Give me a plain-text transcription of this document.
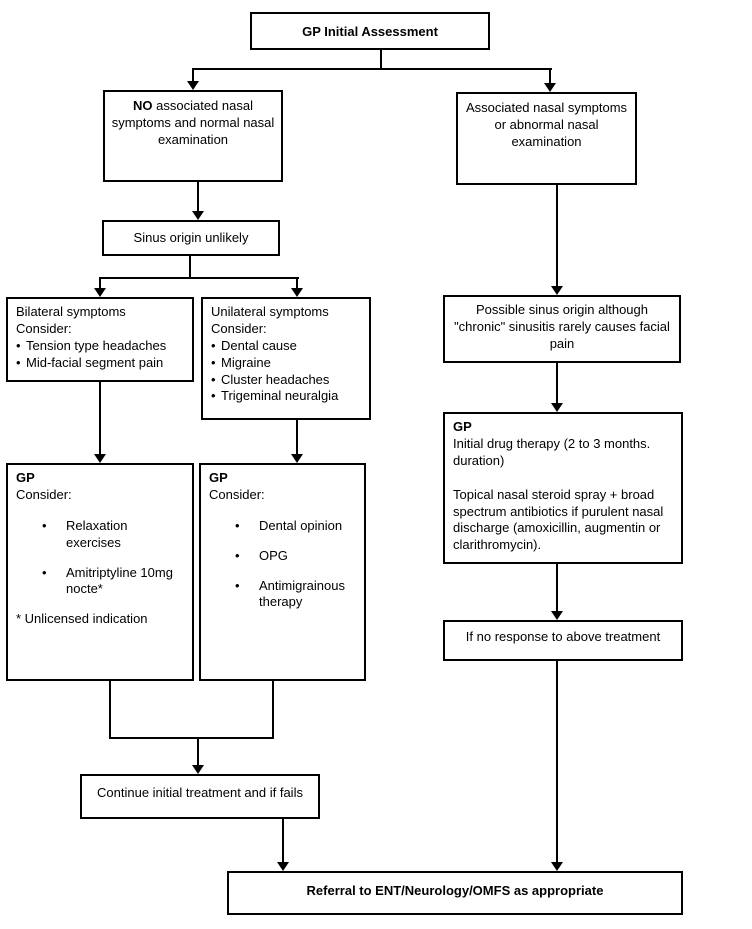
GP Initial Assessment
NO associated nasal symptoms and normal nasal examination
Associated nasal symptoms or abnormal nasal examination
Sinus origin unlikely
Bilateral symptoms
Consider:
• Tension type headaches
• Mid-facial segment pain
Unilateral symptoms
Consider:
• Dental cause
• Migraine
• Cluster headaches
• Trigeminal neuralgia
Possible sinus origin although "chronic" sinusitis rarely causes facial pain
GP
Consider:
•	Relaxation exercises
•	Amitriptyline 10mg nocte*
* Unlicensed indication
GP
Consider:
•	Dental opinion
•	OPG
•	Antimigrainous therapy
GP
Initial drug therapy (2 to 3 months. duration)
Topical nasal steroid spray + broad spectrum antibiotics if purulent nasal discharge (amoxicillin, augmentin or clarithromycin).
If no response to above treatment
Continue initial treatment and if fails
Referral to ENT/Neurology/OMFS as appropriate
